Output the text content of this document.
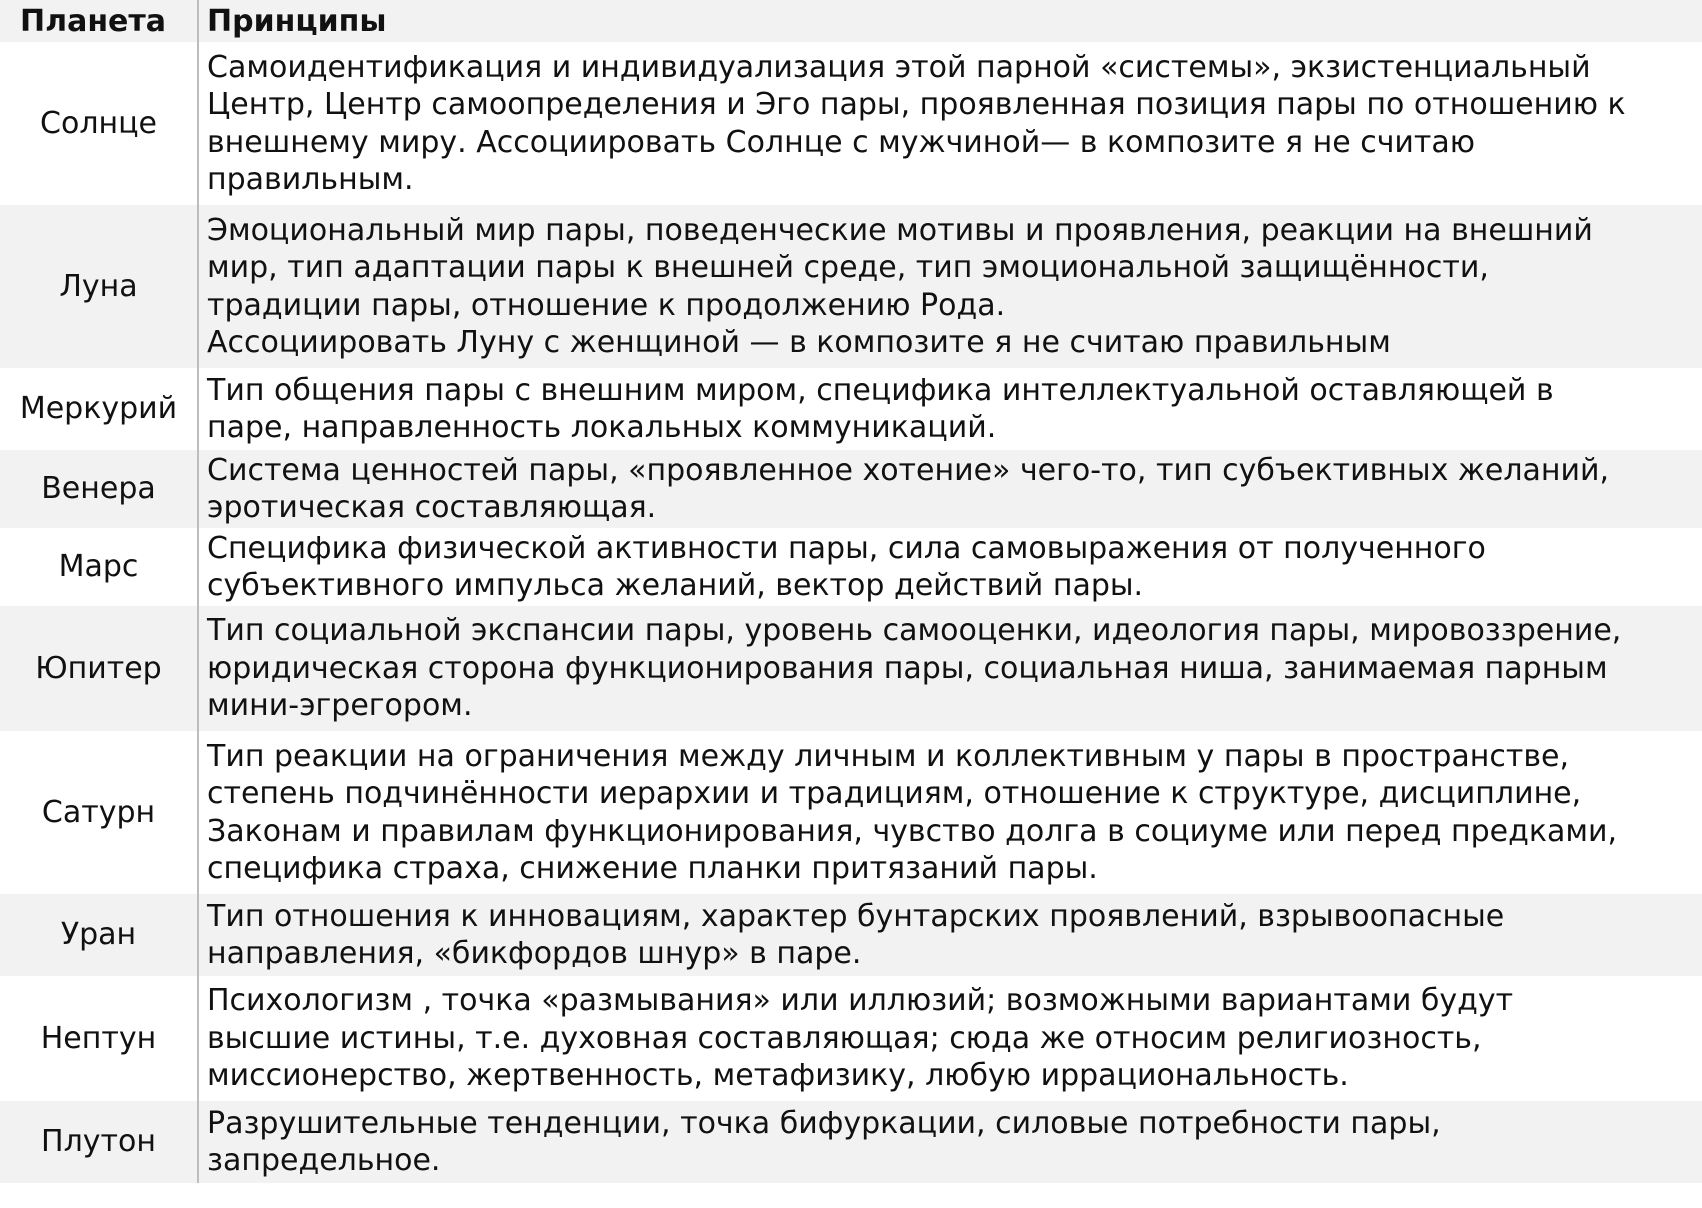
Планета	Принципы
Солнце	Самоидентификация и индивидуализация этой парной «системы», экзистенциальный
Центр, Центр самоопределения и Эго пары, проявленная позиция пары по отношению к
внешнему миру. Ассоциировать Солнце с мужчиной— в композите я не считаю
правильным.

Луна	Эмоциональный мир пары, поведенческие мотивы и проявления, реакции на внешний
мир, тип адаптации пары к внешней среде, тип эмоциональной защищённости,
традиции пары, отношение к продолжению Рода.
Ассоциировать Луну с женщиной — в композите я не считаю правильным

Меркурий	Тип общения пары с внешним миром, специфика интеллектуальной оставляющей в
паре, направленность локальных коммуникаций.

Венера	Система ценностей пары, «проявленное хотение» чего-то, тип субъективных желаний,
эротическая составляющая.

Марс	Специфика физической активности пары, сила самовыражения от полученного
субъективного импульса желаний, вектор действий пары.

Юпитер	Тип социальной экспансии пары, уровень самооценки, идеология пары, мировоззрение,
юридическая сторона функционирования пары, социальная ниша, занимаемая парным
мини-эгрегором.

Сатурн	Тип реакции на ограничения между личным и коллективным у пары в пространстве,
степень подчинённости иерархии и традициям, отношение к структуре, дисциплине,
Законам и правилам функционирования, чувство долга в социуме или перед предками,
специфика страха, снижение планки притязаний пары.

Уран	Тип отношения к инновациям, характер бунтарских проявлений, взрывоопасные
направления, «бикфордов шнур» в паре.

Нептун	Психологизм , точка «размывания» или иллюзий; возможными вариантами будут
высшие истины, т.е. духовная составляющая; сюда же относим религиозность,
миссионерство, жертвенность, метафизику, любую иррациональность.

Плутон	Разрушительные тенденции, точка бифуркации, силовые потребности пары,
запредельное.
